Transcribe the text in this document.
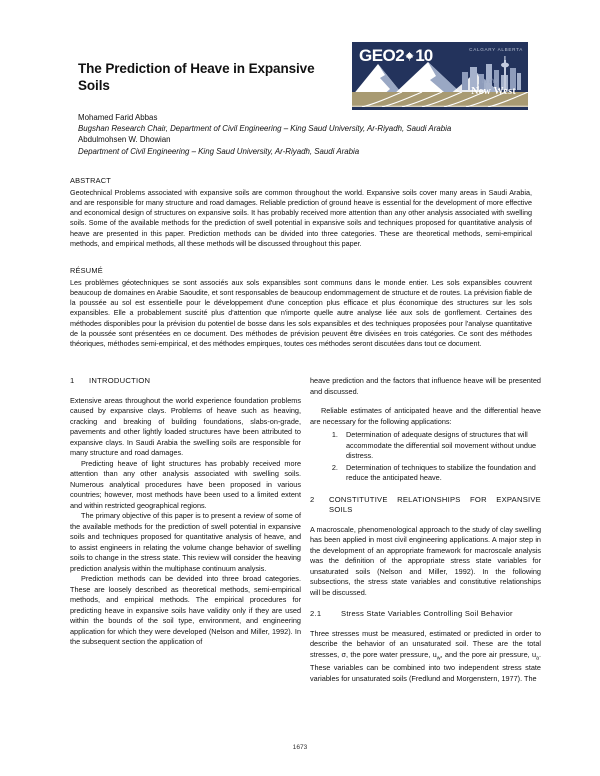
The Prediction of Heave in Expansive Soils
Mohamed Farid Abbas
Bugshan Research Chair, Department of Civil Engineering – King Saud University, Ar-Riyadh, Saudi Arabia
Abdulmohsen W. Dhowian
Department of Civil Engineering – King Saud University, Ar-Riyadh, Saudi Arabia
GEO2 10	CALGARY ALBERTA
in the
New West
ABSTRACT

Geotechnical Problems associated with expansive soils are common throughout the world. Expansive soils cover many areas in Saudi Arabia, and are responsible for many structure and road damages. Reliable prediction of ground heave is essential for the development of more effective and economical design of structures on expansive soils. It has probably received more attention than any other analysis associated with swelling soils. Some of the available methods for the prediction of swell potential in expansive soils and techniques proposed for quantitative analysis of heave are presented in this paper. Prediction methods can be divided into three categories. These are theoretical methods, semi-empirical methods, and empirical methods, all these methods will be discussed throughout this paper.

RÉSUMÉ

Les problèmes géotechniques se sont associés aux sols expansibles sont communs dans le monde entier. Les sols expansibles couvrent beaucoup de domaines en Arabie Saoudite, et sont responsables de beaucoup endommagement de structure et de routes. La prévision fiable de la poussée au sol est essentielle pour le développement d'une conception plus efficace et plus économique des structures sur les sols expansibles. Elle a probablement suscité plus d'attention que n'importe quelle autre analyse liée aux sols de gonflement. Certaines des méthodes disponibles pour la prévision du potentiel de bosse dans les sols expansibles et des techniques proposées pour l'analyse quantitative de la poussée sont présentées en ce document. Des méthodes de prévision peuvent être divisées en trois catégories. Ce sont des méthodes théoriques, méthodes semi-empirical, et des méthodes empirques, toutes ces méthodes seront discutées dans tout ce document.

1	INTRODUCTION

Extensive areas throughout the world experience foundation problems caused by expansive clays. Problems of heave such as heaving, cracking and breaking of building foundations, slabs-on-grade, pavements and other lightly loaded structures have been attributed to expansive clays. In Saudi Arabia the swelling soils are responsible for many structure and road damages.

Predicting heave of light structures has probably received more attention than any other analysis associated with swelling soils. Numerous analytical procedures have been proposed in various countries; however, most methods have been used to a limited extent and within restricted geographical regions.

The primary objective of this paper is to present a review of some of the available methods for the prediction of swell potential in expansive soils and techniques proposed for quantitative analysis of heave, and to assist engineers in relating the volume change behavior of swelling soils to change in the stress state. This review will consider the heaving prediction analysis within the multiphase continuum analysis.

Prediction methods can be devided into three broad categories. These are loosely described as theoretical methods, semi-empirical methods, and empirical methods. The empirical procedures for predicting heave in expansive soils have validity only if they are used within the bounds of the soil type, environment, and engineering application for which they were developed (Nelson and Miller, 1992). In the subsequent section the application of

heave prediction and the factors that influence heave will be presented and discussed.

Reliable estimates of anticipated heave and the differential heave are necessary for the following applications:

1. Determination of adequate designs of structures that will accommodate the differential soil movement without undue distress.
2. Determination of techniques to stabilize the foundation and reduce the anticipated heave.
2	CONSTITUTIVE RELATIONSHIPS FOR EXPANSIVE SOILS

A macroscale, phenomenological approach to the study of clay swelling has been applied in most civil engineering applications. A major step in the development of an appropriate framework for macroscale analysis was the definition of the appropriate stress state variables for unsaturated soils (Nelson and Miller, 1992). In the following subsections, the stress state variables and constitutive relationships will be discussed.

2.1	Stress State Variables Controlling Soil Behavior

Three stresses must be measured, estimated or predicted in order to describe the behavior of an unsaturated soil. These are the total stresses, σ, the pore water pressure, $u_w$, and the pore air pressure, $u_a$. These variables can be combined into two independent stress state variables for unsaturated soils (Fredlund and Morgenstern, 1977). The

1673
